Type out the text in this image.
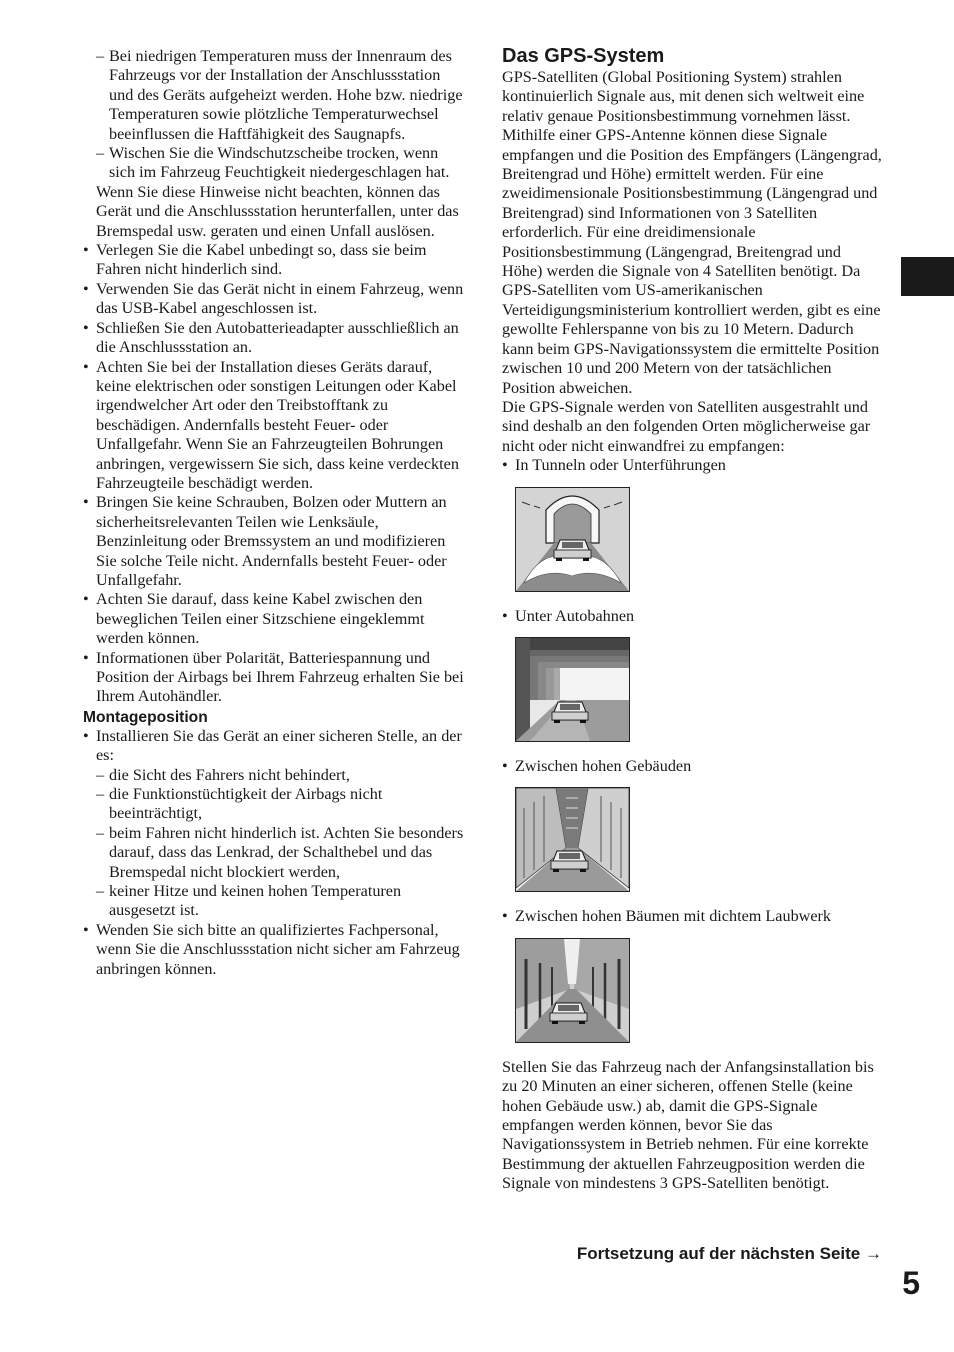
– Bei niedrigen Temperaturen muss der Innenraum des Fahrzeugs vor der Installation der Anschlussstation und des Geräts aufgeheizt werden. Hohe bzw. niedrige Temperaturen sowie plötzliche Temperaturwechsel beeinflussen die Haftfähigkeit des Saugnapfs.

– Wischen Sie die Windschutzscheibe trocken, wenn sich im Fahrzeug Feuchtigkeit niedergeschlagen hat.

Wenn Sie diese Hinweise nicht beachten, können das Gerät und die Anschlussstation herunterfallen, unter das Bremspedal usw. geraten und einen Unfall auslösen.

• Verlegen Sie die Kabel unbedingt so, dass sie beim Fahren nicht hinderlich sind.

• Verwenden Sie das Gerät nicht in einem Fahrzeug, wenn das USB-Kabel angeschlossen ist.

• Schließen Sie den Autobatterieadapter ausschließlich an die Anschlussstation an.

• Achten Sie bei der Installation dieses Geräts darauf, keine elektrischen oder sonstigen Leitungen oder Kabel irgendwelcher Art oder den Treibstofftank zu beschädigen. Andernfalls besteht Feuer- oder Unfallgefahr. Wenn Sie an Fahrzeugteilen Bohrungen anbringen, vergewissern Sie sich, dass keine verdeckten Fahrzeugteile beschädigt werden.

• Bringen Sie keine Schrauben, Bolzen oder Muttern an sicherheitsrelevanten Teilen wie Lenksäule, Benzinleitung oder Bremssystem an und modifizieren Sie solche Teile nicht. Andernfalls besteht Feuer- oder Unfallgefahr.

• Achten Sie darauf, dass keine Kabel zwischen den beweglichen Teilen einer Sitzschiene eingeklemmt werden können.

• Informationen über Polarität, Batteriespannung und Position der Airbags bei Ihrem Fahrzeug erhalten Sie bei Ihrem Autohändler.

Montageposition

• Installieren Sie das Gerät an einer sicheren Stelle, an der es:

– die Sicht des Fahrers nicht behindert,

– die Funktionstüchtigkeit der Airbags nicht beeinträchtigt,

– beim Fahren nicht hinderlich ist. Achten Sie besonders darauf, dass das Lenkrad, der Schalthebel und das Bremspedal nicht blockiert werden,

– keiner Hitze und keinen hohen Temperaturen ausgesetzt ist.

• Wenden Sie sich bitte an qualifiziertes Fachpersonal, wenn Sie die Anschlussstation nicht sicher am Fahrzeug anbringen können.

Das GPS-System

GPS-Satelliten (Global Positioning System) strahlen kontinuierlich Signale aus, mit denen sich weltweit eine relativ genaue Positionsbestimmung vornehmen lässt. Mithilfe einer GPS-Antenne können diese Signale empfangen und die Position des Empfängers (Längengrad, Breitengrad und Höhe) ermittelt werden. Für eine zweidimensionale Positionsbestimmung (Längengrad und Breitengrad) sind Informationen von 3 Satelliten erforderlich. Für eine dreidimensionale Positionsbestimmung (Längengrad, Breitengrad und Höhe) werden die Signale von 4 Satelliten benötigt. Da GPS-Satelliten vom US-amerikanischen Verteidigungsministerium kontrolliert werden, gibt es eine gewollte Fehlerspanne von bis zu 10 Metern. Dadurch kann beim GPS-Navigationssystem die ermittelte Position zwischen 10 und 200 Metern von der tatsächlichen Position abweichen.

Die GPS-Signale werden von Satelliten ausgestrahlt und sind deshalb an den folgenden Orten möglicherweise gar nicht oder nicht einwandfrei zu empfangen:

• In Tunneln oder Unterführungen

• Unter Autobahnen

• Zwischen hohen Gebäuden

• Zwischen hohen Bäumen mit dichtem Laubwerk

Stellen Sie das Fahrzeug nach der Anfangsinstallation bis zu 20 Minuten an einer sicheren, offenen Stelle (keine hohen Gebäude usw.) ab, damit die GPS-Signale empfangen werden können, bevor Sie das Navigationssystem in Betrieb nehmen. Für eine korrekte Bestimmung der aktuellen Fahrzeugposition werden die Signale von mindestens 3 GPS-Satelliten benötigt.

Fortsetzung auf der nächsten Seite →
5
